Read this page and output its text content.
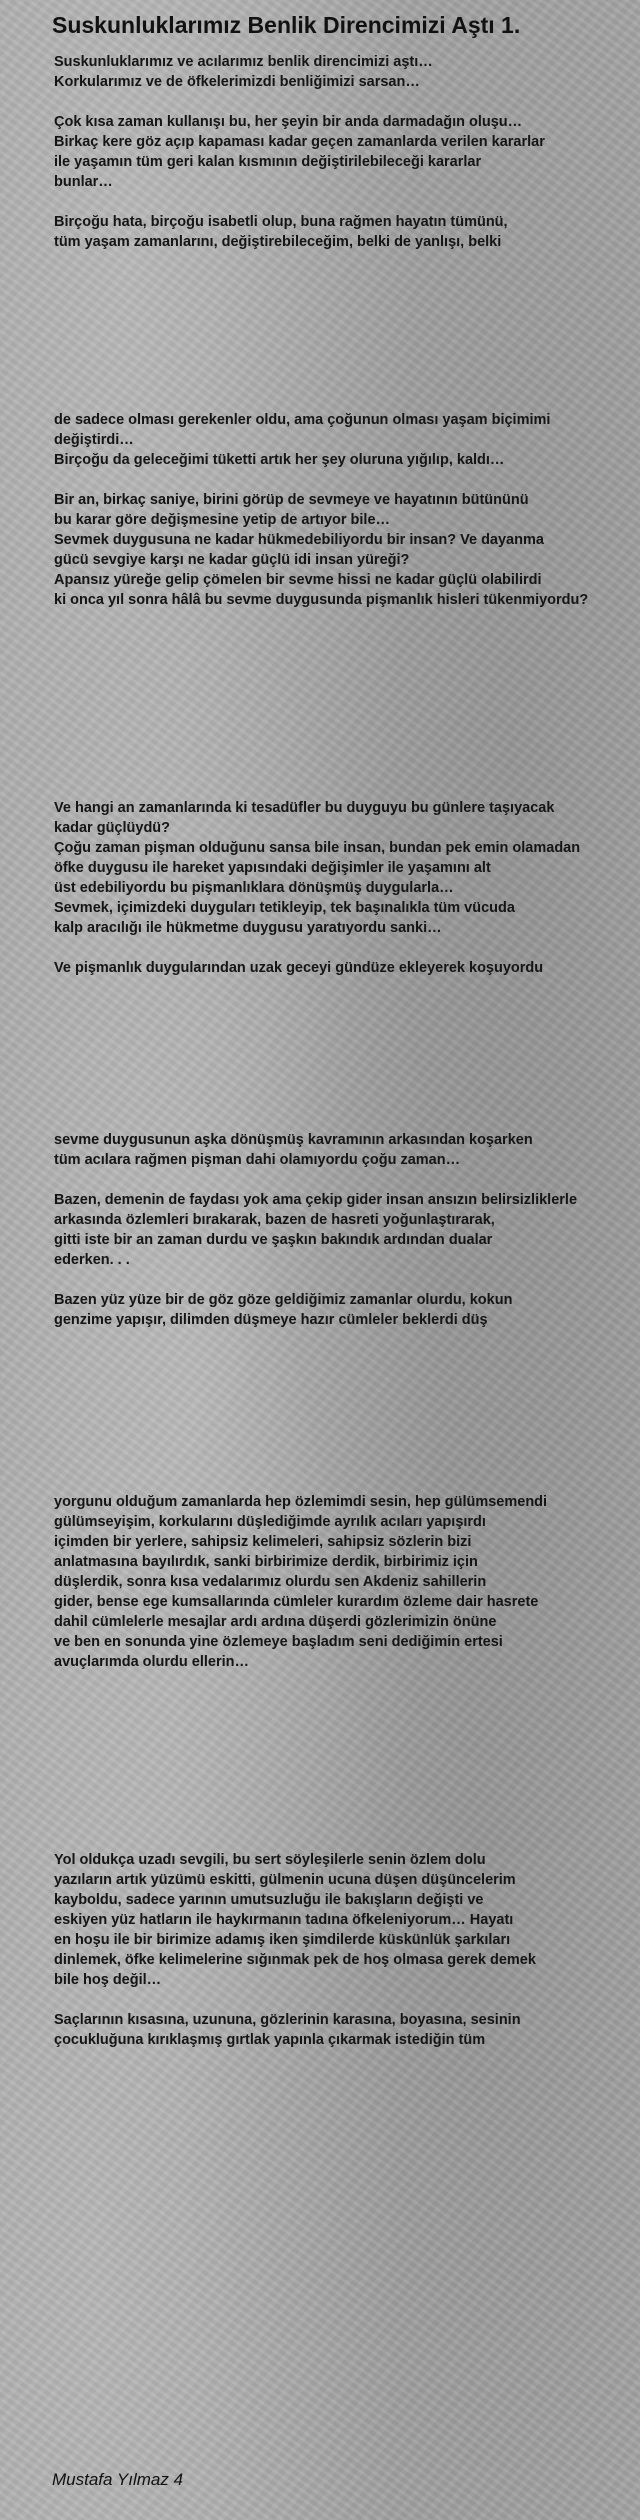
Suskunluklarımız Benlik Direncimizi Aştı 1.
Suskunluklarımız ve acılarımız benlik direncimizi aştı…
Korkularımız ve de öfkelerimizdi benliğimizi sarsan…
Çok kısa zaman kullanışı bu, her şeyin bir anda darmadağın oluşu…
Birkaç kere göz açıp kapaması kadar geçen zamanlarda verilen kararlar
ile yaşamın tüm geri kalan kısmının değiştirilebileceği kararlar
bunlar…
Birçoğu hata, birçoğu isabetli olup, buna rağmen hayatın tümünü,
tüm yaşam zamanlarını, değiştirebileceğim, belki de yanlışı, belki
de sadece olması gerekenler oldu, ama çoğunun olması yaşam biçimimi
değiştirdi…
Birçoğu da geleceğimi tüketti artık her şey oluruna yığılıp, kaldı…
Bir an, birkaç saniye, birini görüp de sevmeye ve hayatının bütününü
bu karar göre değişmesine yetip de artıyor bile…
Sevmek duygusuna ne kadar hükmedebiliyordu bir insan? Ve dayanma
gücü sevgiye karşı ne kadar güçlü idi insan yüreği?
Apansız yüreğe gelip çömelen bir sevme hissi ne kadar güçlü olabilirdi
ki onca yıl sonra hâlâ bu sevme duygusunda pişmanlık hisleri tükenmiyordu?
Ve hangi an zamanlarında ki tesadüfler bu duyguyu bu günlere taşıyacak
kadar güçlüydü?
Çoğu zaman pişman olduğunu sansa bile insan, bundan pek emin olamadan
öfke duygusu ile hareket yapısındaki değişimler ile yaşamını alt
üst edebiliyordu bu pişmanlıklara dönüşmüş duygularla…
Sevmek, içimizdeki duyguları tetikleyip, tek başınalıkla tüm vücuda
kalp aracılığı ile hükmetme duygusu yaratıyordu sanki…
Ve pişmanlık duygularından uzak geceyi gündüze ekleyerek koşuyordu
sevme duygusunun aşka dönüşmüş kavramının arkasından koşarken
tüm acılara rağmen pişman dahi olamıyordu çoğu zaman…
Bazen, demenin de faydası yok ama çekip gider insan ansızın belirsizliklerle
arkasında özlemleri bırakarak, bazen de hasreti yoğunlaştırarak,
gitti iste bir an zaman durdu ve şaşkın bakındık ardından dualar
ederken. . .
Bazen yüz yüze bir de göz göze geldiğimiz zamanlar olurdu, kokun
genzime yapışır, dilimden düşmeye hazır cümleler beklerdi düş
yorgunu olduğum zamanlarda hep özlemimdi sesin, hep gülümsemendi
gülümseyişim, korkularını düşlediğimde ayrılık acıları yapışırdı
içimden bir yerlere, sahipsiz kelimeleri, sahipsiz sözlerin bizi
anlatmasına bayılırdık, sanki birbirimize derdik, birbirimiz için
düşlerdik, sonra kısa vedalarımız olurdu sen Akdeniz sahillerin
gider, bense ege kumsallarında cümleler kurardım özleme dair hasrete
dahil cümlelerle mesajlar ardı ardına düşerdi gözlerimizin önüne
ve ben en sonunda yine özlemeye başladım seni dediğimin ertesi
avuçlarımda olurdu ellerin…
Yol oldukça uzadı sevgili, bu sert söyleşilerle senin özlem dolu
yazıların artık yüzümü eskitti, gülmenin ucuna düşen düşüncelerim
kayboldu, sadece yarının umutsuzluğu ile bakışların değişti ve
eskiyen yüz hatların ile haykırmanın tadına öfkeleniyorum… Hayatı
en hoşu ile bir birimize adamış iken şimdilerde küskünlük şarkıları
dinlemek, öfke kelimelerine sığınmak pek de hoş olmasa gerek demek
bile hoş değil…
Saçlarının kısasına, uzununa, gözlerinin karasına, boyasına, sesinin
çocukluğuna kırıklaşmış gırtlak yapınla çıkarmak istediğin tüm
Mustafa Yılmaz 4
